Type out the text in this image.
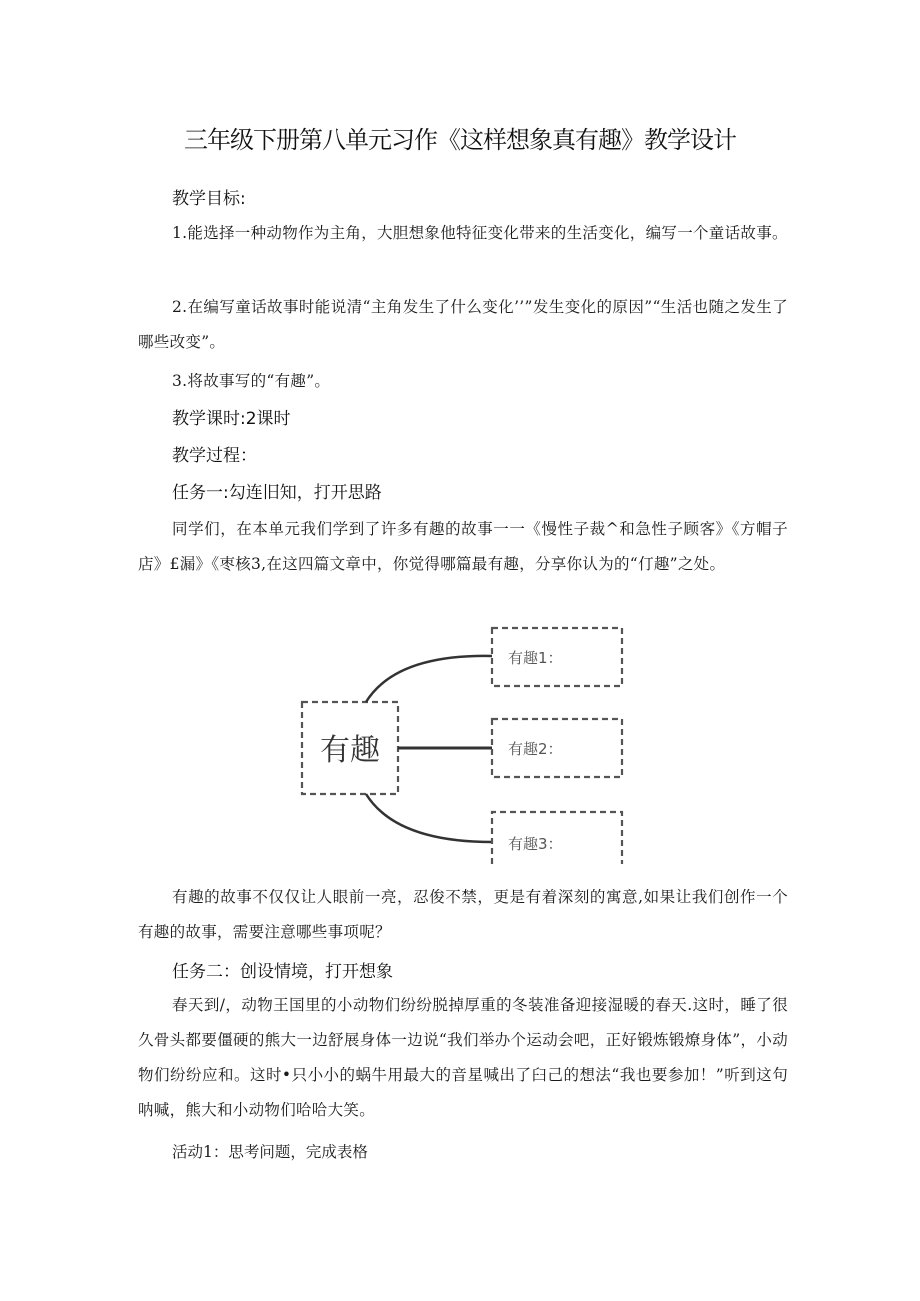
三年级下册第八单元习作《这样想象真有趣》教学设计
教学目标:
1.能选择一种动物作为主角，大胆想象他特征变化带来的生活变化，编写一个童话故事。
2.在编写童话故事时能说清“主角发生了什么变化’’”发生变化的原因”“生活也随之发生了哪些改变”。
3.将故事写的“有趣”。
教学课时:2课时
教学过程：
任务一:勾连旧知，打开思路
同学们，在本单元我们学到了许多有趣的故事一一《慢性子裁^和急性子顾客》《方帽子店》£漏》《枣核3,在这四篇文章中，你觉得哪篇最有趣，分享你认为的“仃趣”之处。
有趣
有趣1：
有趣2：
有趣3：
有趣的故事不仅仅让人眼前一亮，忍俊不禁，更是有着深刻的寓意,如果让我们创作一个有趣的故事，需要注意哪些事项呢？
任务二：创设情境，打开想象
春天到/，动物王国里的小动物们纷纷脱掉厚重的冬装准备迎接湿暖的春天.这时，睡了很久骨头都要僵硬的熊大一边舒展身体一边说“我们举办个运动会吧，正好锻炼锻燎身体”，小动物们纷纷应和。这时•只小小的蜗牛用最大的音星喊出了臼己的想法“我也要参加！”听到这句呐喊，熊大和小动物们哈哈大笑。
活动1：思考问题，完成表格
